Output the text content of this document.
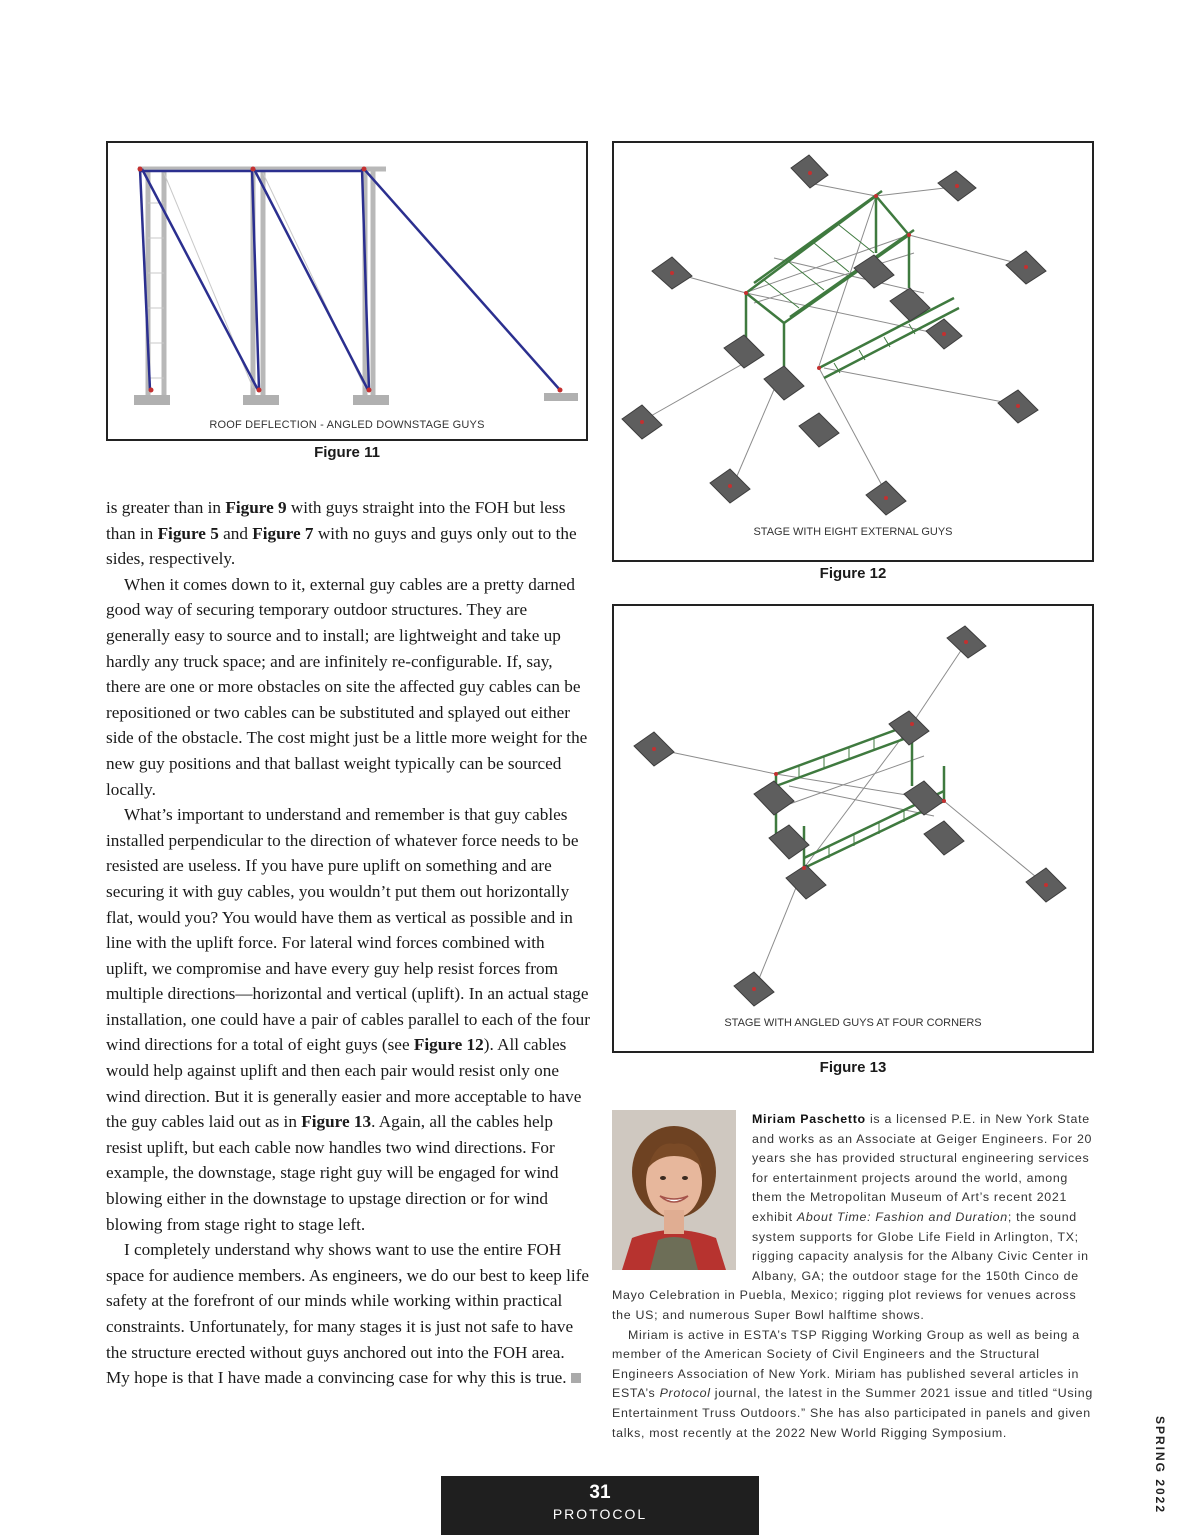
ROOF DEFLECTION - ANGLED DOWNSTAGE GUYS
Figure 11
STAGE WITH EIGHT EXTERNAL GUYS
Figure 12
STAGE WITH ANGLED GUYS AT FOUR CORNERS
Figure 13

is greater than in Figure 9 with guys straight into the FOH but less than in Figure 5 and Figure 7 with no guys and guys only out to the sides, respectively.

When it comes down to it, external guy cables are a pretty darned good way of securing temporary outdoor structures. They are generally easy to source and to install; are lightweight and take up hardly any truck space; and are infinitely re-configurable. If, say, there are one or more obstacles on site the affected guy cables can be repositioned or two cables can be substituted and splayed out either side of the obstacle. The cost might just be a little more weight for the new guy positions and that ballast weight typically can be sourced locally.

What’s important to understand and remember is that guy cables installed perpendicular to the direction of whatever force needs to be resisted are useless. If you have pure uplift on something and are securing it with guy cables, you wouldn’t put them out horizontally flat, would you? You would have them as vertical as possible and in line with the uplift force. For lateral wind forces combined with uplift, we compromise and have every guy help resist forces from multiple directions—horizontal and vertical (uplift). In an actual stage installation, one could have a pair of cables parallel to each of the four wind directions for a total of eight guys (see Figure 12). All cables would help against uplift and then each pair would resist only one wind direction. But it is generally easier and more acceptable to have the guy cables laid out as in Figure 13. Again, all the cables help resist uplift, but each cable now handles two wind directions. For example, the downstage, stage right guy will be engaged for wind blowing either in the downstage to upstage direction or for wind blowing from stage right to stage left.

I completely understand why shows want to use the entire FOH space for audience members. As engineers, we do our best to keep life safety at the forefront of our minds while working within practical constraints. Unfortunately, for many stages it is just not safe to have the structure erected without guys anchored out into the FOH area. My hope is that I have made a convincing case for why this is true.

Miriam Paschetto is a licensed P.E. in New York State and works as an Associate at Geiger Engineers. For 20 years she has provided structural engineering services for entertainment projects around the world, among them the Metropolitan Museum of Art’s recent 2021 exhibit About Time: Fashion and Duration; the sound system supports for Globe Life Field in Arlington, TX; rigging capacity analysis for the Albany Civic Center in Albany, GA; the outdoor stage for the 150th Cinco de Mayo Celebration in Puebla, Mexico; rigging plot reviews for venues across the US; and numerous Super Bowl halftime shows.

Miriam is active in ESTA’s TSP Rigging Working Group as well as being a member of the American Society of Civil Engineers and the Structural Engineers Association of New York. Miriam has published several articles in ESTA’s Protocol journal, the latest in the Summer 2021 issue and titled “Using Entertainment Truss Outdoors.” She has also participated in panels and given talks, most recently at the 2022 New World Rigging Symposium.

31
PROTOCOL	SPRING 2022
